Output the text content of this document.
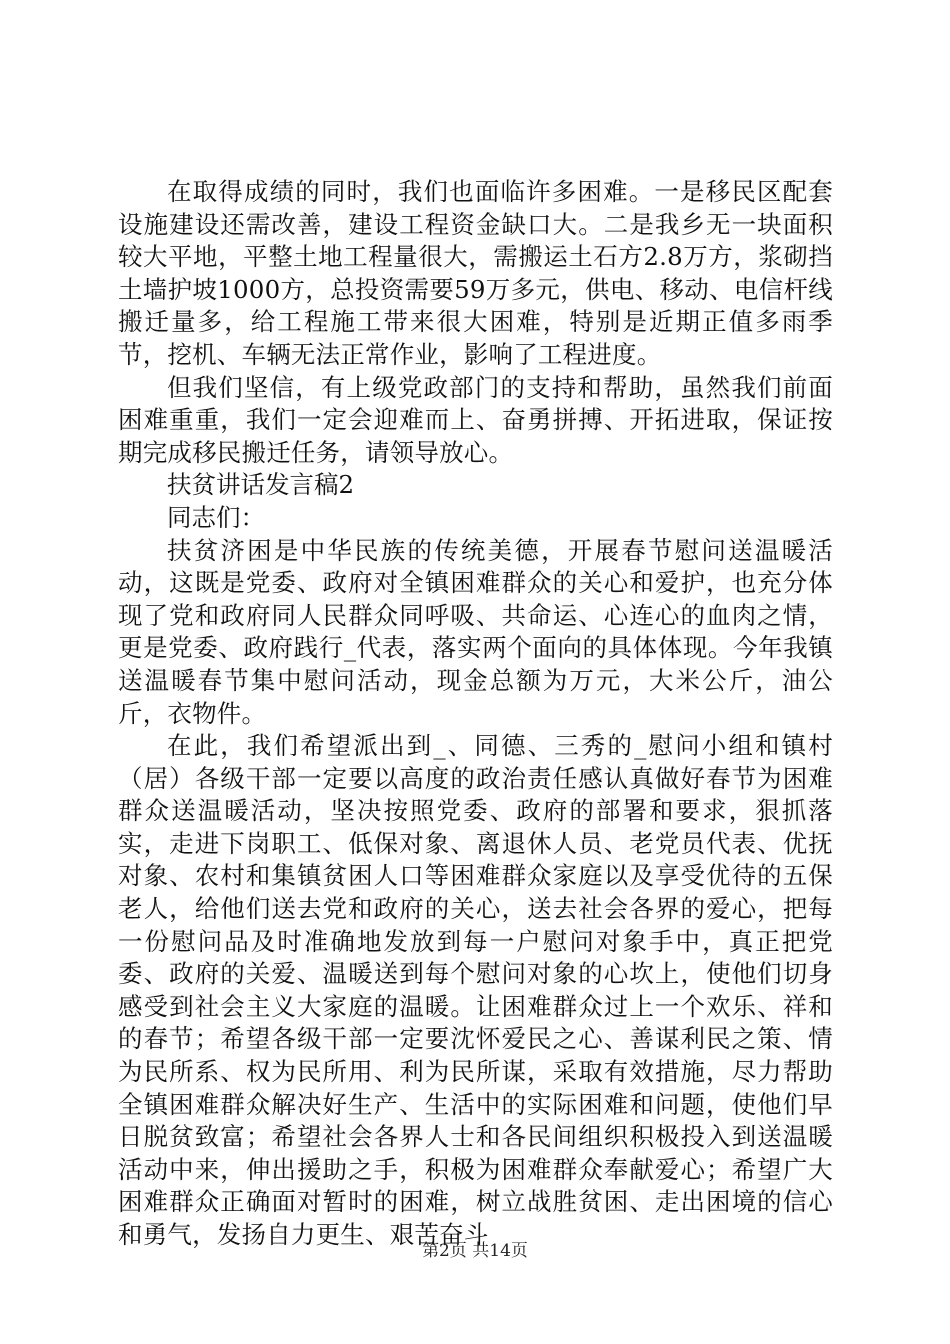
在取得成绩的同时，我们也面临许多困难。一是移民区配套设施建设还需改善，建设工程资金缺口大。二是我乡无一块面积较大平地，平整土地工程量很大，需搬运土石方2.8万方，浆砌挡土墙护坡1000方，总投资需要59万多元，供电、移动、电信杆线搬迁量多，给工程施工带来很大困难，特别是近期正值多雨季节，挖机、车辆无法正常作业，影响了工程进度。

但我们坚信，有上级党政部门的支持和帮助，虽然我们前面困难重重，我们一定会迎难而上、奋勇拼搏、开拓进取，保证按期完成移民搬迁任务，请领导放心。

扶贫讲话发言稿2

同志们：

扶贫济困是中华民族的传统美德，开展春节慰问送温暖活动，这既是党委、政府对全镇困难群众的关心和爱护，也充分体现了党和政府同人民群众同呼吸、共命运、心连心的血肉之情，更是党委、政府践行_代表，落实两个面向的具体体现。今年我镇送温暖春节集中慰问活动，现金总额为万元，大米公斤，油公斤，衣物件。

在此，我们希望派出到_、同德、三秀的_慰问小组和镇村（居）各级干部一定要以高度的政治责任感认真做好春节为困难群众送温暖活动，坚决按照党委、政府的部署和要求，狠抓落实，走进下岗职工、低保对象、离退休人员、老党员代表、优抚对象、农村和集镇贫困人口等困难群众家庭以及享受优待的五保老人，给他们送去党和政府的关心，送去社会各界的爱心，把每一份慰问品及时准确地发放到每一户慰问对象手中，真正把党委、政府的关爱、温暖送到每个慰问对象的心坎上，使他们切身感受到社会主义大家庭的温暖。让困难群众过上一个欢乐、祥和的春节；希望各级干部一定要沈怀爱民之心、善谋利民之策、情为民所系、权为民所用、利为民所谋，采取有效措施，尽力帮助全镇困难群众解决好生产、生活中的实际困难和问题，使他们早日脱贫致富；希望社会各界人士和各民间组织积极投入到送温暖活动中来，伸出援助之手，积极为困难群众奉献爱心；希望广大困难群众正确面对暂时的困难，树立战胜贫困、走出困境的信心和勇气，发扬自力更生、艰苦奋斗

第2页 共14页
